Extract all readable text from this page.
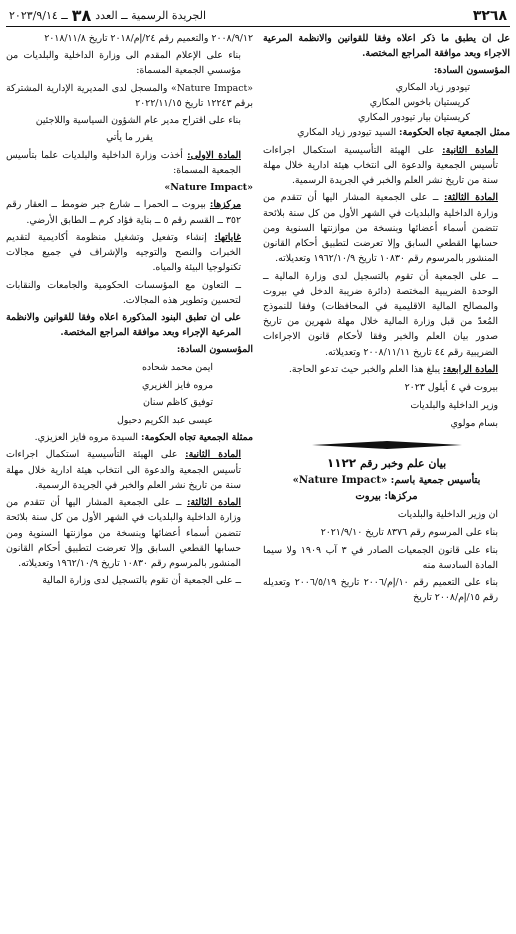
٣٢٦٨
الجريدة الرسمية ــ العدد
٣٨
ــ ٢٠٢٣/٩/١٤

عل ان يطبق ما ذكر اعلاه وفقا للقوانين والانظمة المرعية الاجراء وبعد موافقة المراجع المختصة.

المؤسسون السادة:

تيودور زياد المكاري

كريستيان باخوس المكاري

كريستيان بيار تيودور المكاري

ممثل الجمعية تجاه الحكومة: السيد تيودور زياد المكاري

المادة الثانية: على الهيئة التأسيسية استكمال اجراءات تأسيس الجمعية والدعوة الى انتخاب هيئة ادارية خلال مهلة سنة من تاريخ نشر العلم والخبر في الجريدة الرسمية.

المادة الثالثة: ــ على الجمعية المشار اليها أن تتقدم من وزارة الداخلية والبلديات في الشهر الأول من كل سنة بلائحة تتضمن أسماء أعضائها وبنسخة من موازنتها السنوية ومن حسابها القطعي السابق وإلا تعرضت لتطبيق أحكام القانون المنشور بالمرسوم رقم ١٠٨٣٠ تاريخ ١٩٦٢/١٠/٩ وتعديلاته.

ــ على الجمعية أن تقوم بالتسجيل لدى وزارة المالية ــ الوحدة الضريبية المختصة (دائرة ضريبة الدخل في بيروت والمصالح المالية الاقليمية في المحافظات) وفقا للنموذج المُعدّ من قبل وزارة المالية خلال مهلة شهرين من تاريخ صدور بيان العلم والخبر وفقا لأحكام قانون الاجراءات الضريبية رقم ٤٤ تاريخ ٢٠٠٨/١١/١١ وتعديلاته.

المادة الرابعة: يبلغ هذا العلم والخبر حيث تدعو الحاجة.

بيروت في ٤ أيلول ٢٠٢٣

وزير الداخلية والبلديات

بسام مولوي

بيان علم وخبر رقم ١١٢٢

بتأسيس جمعية باسم: «Nature Impact»

مركزها: بيروت

ان وزير الداخلية والبلديات

بناء على المرسوم رقم ٨٣٧٦ تاريخ ٢٠٢١/٩/١٠

بناء على قانون الجمعيات الصادر في ٣ آب ١٩٠٩ ولا سيما المادة السادسة منه

بناء على التعميم رقم ١٠/إم/٢٠٠٦ تاريخ ٢٠٠٦/٥/١٩ وتعديله رقم ١٥/إم/٢٠٠٨ تاريخ

٢٠٠٨/٩/١٢ والتعميم رقم ٢٤/إم/٢٠١٨ تاريخ ٢٠١٨/١١/٨

بناء على الإعلام المقدم الى وزارة الداخلية والبلديات من مؤسسي الجمعية المسماة:

«Nature Impact» والمسجل لدى المديرية الإدارية المشتركة برقم ١٢٢٤٣ تاريخ ٢٠٢٢/١١/١٥

بناء على اقتراح مدير عام الشؤون السياسية واللاجئين

يقرر ما يأتي

المادة الاولى: أخذت وزارة الداخلية والبلديات علما بتأسيس الجمعية المسماة:

«Nature Impact»

مركزها: بيروت ــ الحمرا ــ شارع جبر ضومط ــ العقار رقم ٣٥٢ ــ القسم رقم ٥ ــ بناية فؤاد كرم ــ الطابق الأرضي.

غاياتها: إنشاء وتفعيل وتشغيل منظومة أكاديمية لتقديم الخبرات والنصح والتوجيه والإشراف في جميع مجالات تكنولوجيا البيئة والمياه.

ــ التعاون مع المؤسسات الحكومية والجامعات والنقابات لتحسين وتطوير هذه المجالات.

على ان تطبق البنود المذكورة اعلاه وفقا للقوانين والانظمة المرعية الإجراء وبعد موافقة المراجع المختصة.

المؤسسون السادة:

ايمن محمد شحاده

مروه فايز الغزيري

توفيق كاظم سنان

عيسى عبد الكريم دحبول

ممثلة الجمعية تجاه الحكومة: السيدة مروه فايز العزيزي.

المادة الثانية: على الهيئة التأسيسية استكمال اجراءات تأسيس الجمعية والدعوة الى انتخاب هيئة ادارية خلال مهلة سنة من تاريخ نشر العلم والخبر في الجريدة الرسمية.

المادة الثالثة: ــ على الجمعية المشار اليها أن تتقدم من وزارة الداخلية والبلديات في الشهر الأول من كل سنة بلائحة تتضمن أسماء أعضائها وبنسخة من موازنتها السنوية ومن حسابها القطعي السابق وإلا تعرضت لتطبيق أحكام القانون المنشور بالمرسوم رقم ١٠٨٣٠ تاريخ ١٩٦٢/١٠/٩ وتعديلاته.

ــ على الجمعية أن تقوم بالتسجيل لدى وزارة المالية
